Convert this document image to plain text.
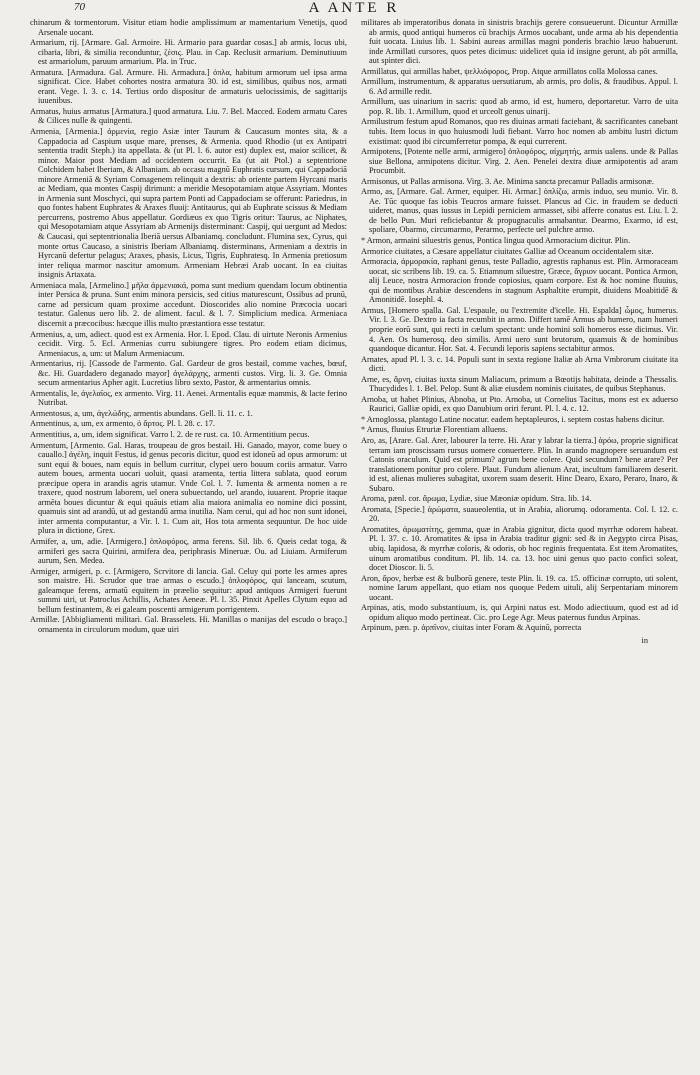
70	A ANTE R

chinarum & tormentorum. Visitur etiam hodie amplissimum ar mamentarium Venetijs, quod Arsenale uocant.

Armarium, rij. [Armare. Gal. Armoire. Hi. Armario para guardar cosas.] ab armis, locus ubi, cibaria, libri, & similia reconduntur, ζέσις. Plau. in Cap. Reclusit armarium. Deminutiuum est armariolum, paruum armarium. Pla. in Truc.

Armatura. [Armadura. Gal. Armure. Hi. Armadura.] ὁπλα, habitum armorum uel ipsa arma significat. Cice. Habet cohortes nostra armatura 30. id est, similibus, quibus nos, armati erant. Vege. l. 3. c. 14. Tertius ordo dispositur de armaturis uelocissimis, de sagittarijs iuuenibus.

Armatus, huius armatus [Armatura.] quod armatura. Liu. 7. Bel. Macced. Eodem armatu Cares & Cilices nulle & quingenti.

Armenia, [Armenia.] ἀρμενία, regio Asiæ inter Taurum & Caucasum montes sita, & a Cappadocia ad Caspium usque mare, prenses, & Armenia. quod Rhodio (ut ex Antipatri sententia tradit Steph.) ita appellata. & (ut Pl. l. 6. autor est) duplex est, maior scilicet, & minor. Maior post Mediam ad occidentem occurrit. Ea (ut ait Ptol.) a septentrione Colchidem habet Iberiam, & Albaniam. ab occasu magnū Euphratis cursum, qui Cappadociā minore Armeniā & Syriam Comagenem relinquit a dextris: ab oriente partem Hyrcani maris ac Mediam, qua montes Caspij dirimunt: a meridie Mesopotamiam atque Assyriam. Montes in Armenia sunt Moschyci, qui supra partem Ponti ad Cappadociam se offerunt: Pariedrus, in quo fontes habent Euphrates & Araxes fluuij: Antitaurus, qui ab Euphrate scissus & Mediam percurrens, postremo Abus appellatur. Gordiæus ex quo Tigris oritur: Taurus, ac Niphates, qui Mesopotamiam atque Assyriam ab Armenijs disterminant: Caspij, qui uergunt ad Medos: & Caucasi, qui septentrionalia Iberiā uersus Albaniamq. concludunt. Flumina sex, Cyrus, qui monte ortus Caucaso, a sinistris Iberiam Albaniamq. disterminans, Armeniam a dextris in Hyrcanū defertur pelagus; Araxes, phasis, Licus, Tigris, Euphratesq. In Armenia pretiosum inter reliqua marmor nascitur amomum. Armeniam Hebræi Arab uocant. In ea ciuitas insignis Artaxata.

Armeniaca mala, [Armelino.] μῆλα ἀρμενιακά, poma sunt medium quendam locum obtinentia inter Persica & pruna. Sunt enim minora persicis, sed citius maturescunt, Ossibus ad prunū, carne ad persicum quam proxime accedunt. Dioscorides alio nomine Præcocia uocari testatur. Galenus uero lib. 2. de aliment. facul. & l. 7. Simplicium medica. Armeniaca discernit a præcocibus: hæcque illis multo præstantiora esse testatur.

Armenius, a, um, adiect. quod est ex Armenia. Hor. l. Epod. Clau. di uirtute Neronis Armenius cecidit. Virg. 5. Ecl. Armenias curru subiungere tigres. Pro eodem etiam dicimus, Armeniacus, a, um: ut Malum Armeniacum.

Armentarius, rij. [Cassode de l'armento. Gal. Gardeur de gros bestail, comme vaches, bœuf, &c. Hi. Guardadero deganado mayor] ἀγελάρχης, armenti custos. Virg. li. 3. Ge. Omnia secum armentarius Apher agit. Lucretius libro sexto, Pastor, & armentarius omnis.

Armentalis, le, ἀγελαῖος, ex armento. Virg. 11. Aenei. Armentalis equæ mammis, & lacte ferino Nutribat.

Armentosus, a, um, ἀγελώδης, armentis abundans. Gell. li. 11. c. 1.

Armentinus, a, um, ex armento, ὁ ἄρτος. Pl. l. 28. c. 17.

Armentitius, a, um, idem significat. Varro l. 2. de re rust. ca. 10. Armentitium pecus.

Armentum, [Armento. Gal. Haras, troupeau de gros bestail. Hi. Ganado, mayor, come buey o cauallo.] ἀγέλη, inquit Festus, id genus pecoris dicitur, quod est idoneū ad opus armorum: ut sunt equi & boues, nam equis in bellum curritur, clypei uero bouum coriis armatur. Varro autem boues, armenta uocari uoluit, quasi aramenta, tertia littera sublata, quod eorum præcipue opera in arandis agris utamur. Vnde Col. l. 7. Iumenta & armenta nomen a re traxere, quod nostrum laborem, uel onera subuectando, uel arando, iuuarent. Proprie itaque armēta boues dicuntur & equi quāuis etiam alia maiora animalia eo nomine dici possint, quamuis sint ad arandū, ut ad gestandū arma inutilia. Nam cerui, qui ad hoc non sunt idonei, inter armenta computantur, a Vir. l. 1. Cum ait, Hos tota armenta sequuntur. De hoc uide plura in dictione, Grex.

Armifer, a, um, adie. [Armigero.] ὁπλοφόρος, arma ferens. Sil. lib. 6. Queis cedat toga, & armiferi ges sacra Quirini, armifera dea, periphrasis Mineruæ. Ou. ad Liuiam. Armiferum aurum, Sen. Medea.

Armiger, armigeri, p. c. [Armigero, Scrvitore di lancia. Gal. Celuy qui porte les armes apres son maistre. Hi. Scrudor que trae armas o escudo.] ὁπλοφόρος, qui lanceam, scutum, galeamque ferens, armatū equitem in præelio sequitur: apud antiquos Armigeri fuerunt summi uiri, ut Patroclus Achillis, Achates Aeneæ. Pl. l. 35. Pinxit Apelles Clytum equo ad bellum festinantem, & ei galeam poscenti armigerum porrigentem.

Armillæ. [Abbigliamenti militari. Gal. Brasselets. Hi. Manillas o manijas del escudo o braço.] ornamenta in circulorum modum, quæ uiri

militares ab imperatoribus donata in sinistris brachijs gerere consueuerunt. Dicuntur Armillæ ab armis, quod antiqui humeros cū brachijs Armos uocabant, unde arma ab his dependentia fuit uocata. Liuius lib. 1. Sabini aureas armillas magni ponderis brachio læuo habuerunt. inde Armillati cursores, quos petes dicimus: uidelicet quia id insigne gerunt, ab pōt armilla, aut spinter dici.

Armillatus, qui armillas habet, ψελλιόφορος, Prop. Atque armillatos colla Molossa canes.

Armillum, instrumentum, & apparatus uersutiarum, ab armis, pro dolis, & fraudibus. Appul. l. 6. Ad armille redit.

Armillum, uas uinarium in sacris: quod ab armo, id est, humero, deportaretur. Varro de uita pop. R. lib. 1. Armillum, quod et urceolī genus uinarij.

Armilustrum festum apud Romanos, quo res diuinas armati faciebant, & sacrificantes canebant tubis. Item locus in quo huiusmodi ludi fiebant. Varro hoc nomen ab ambitu lustri dictum existimat: quod ibi circumferretur pompa, & equi currerent.

Armipotens, [Potente nelle armi, armigero] ὁπλοφόρος, αἰχμητής, armis ualens. unde & Pallas siue Bellona, armipotens dicitur. Virg. 2. Aen. Penelei dextra diuæ armipotentis ad aram Procumbit.

Armisonus, ut Pallas armisona. Virg. 3. Ae. Minima sancta precamur Palladis armisonæ.

Armo, as, [Armare. Gal. Armer, equiper. Hi. Armar.] ὁπλίζω, armis induo, seu munio. Vir. 8. Ae. Tūc quoque fas iobis Teucros armare fuisset. Plancus ad Cic. in fraudem se deducti uideret, manus, quas iussus in Lepidi perniciem armasset, sibi afferre conatus est. Liu. l. 2. de bello Pun. Muri reficiebantur & propugnaculis armabantur. Dearmo, Exarmo, id est, spoliare, Obarmo, circumarmo, Perarmo, perfecte uel pulchre armo.

* Armon, armaini siluestris genus, Pontica lingua quod Armoracium dicitur. Plin.

Armorice ciuitates, a Cæsare appellatur ciuitates Galliæ ad Oceanum occidentalem sitæ.

Armoracia, ἀρμορακία, raphani genus, teste Palladio, agrestis raphanus est. Plin. Armoraceam uocat, sic scribens lib. 19. ca. 5. Etiamnum siluestre, Græce, ἄγριον uocant. Pontica Armon, alij Leuce, nostra Armoracion fronde copiosius, quam corpore. Est & hoc nomine fluuius, qui de montibus Arabiæ descendens in stagnum Asphaltite erumpit, diuidens Moabitidē & Amonitidē. Iosephl. 4.

Armus, [Homero spalla. Gal. L'espaule, ou l'extremite d'icelle. Hi. Espalda] ὦμος, humerus. Vir. l. 3. Ge. Dextro ia facta recumbit in armo. Differt tamē Armus ab humero, nam humeri proprie eorū sunt, qui recti in cælum spectant: unde homini soli homeros esse dicimus. Vir. 4. Aen. Os humerosq. deo similis. Armi uero sunt brutorum, quamuis & de hominibus quandoque dicantur. Hor. Sat. 4. Fecundi leporis sapiens sectabitur armos.

Arnates, apud Pl. l. 3. c. 14. Populi sunt in sexta regione Italiæ ab Arna Vmbrorum ciuitate ita dicti.

Arne, es, ἄρνη, ciuitas iuxta sinum Maliacum, primum a Bœotijs habitata, deinde a Thessalis. Thucydides l. 1. Bel. Pelop. Sunt & aliæ eiusdem nominis ciuitates, de quibus Stephanus.

Arnoba, ut habet Plinius, Abnoba, ut Pto. Arnoba, ut Cornelius Tacitus, mons est ex aduerso Raurici, Galliæ opidi, ex quo Danubium oriri ferunt. Pl. l. 4. c. 12.

* Arnoglossa, plantago Latine nocatur. eadem heptapleuros, i. septem costas habens dicitur.

* Arnus, fluuius Etruriæ Florentiam alluens.

Aro, as, [Arare. Gal. Arer, labourer la terre. Hi. Arar y labrar la tierra.] ἀρόω, proprie significat terram iam proscissam rursus uomere conuertere. Plin. In arando magnopere seruandum est Catonis oraculum. Quid est primum? agrum bene colere. Quid secundum? bene arare? Per translationem ponitur pro colere. Plaut. Fundum alienum Arat, incultum familiarem deserit. id est, alienas mulieres subagitat, uxorem suam deserit. Hinc Dearo, Exaro, Peraro, Inaro, & Subaro.

Aroma, pænl. cor. ἄρωμα, Lydiæ, siue Mæoniæ opidum. Stra. lib. 14.

Aromata, [Specie.] ἀρώματα, suaueolentia, ut in Arabia, aliorumq. odoramenta. Col. l. 12. c. 20.

Aromatites, ἀρωματίτης, gemma, quæ in Arabia gignitur, dicta quod myrrhæ odorem habeat. Pl. l. 37. c. 10. Aromatites & ipsa in Arabia traditur gigni: sed & in Aegypto circa Pisas, ubiq. lapidosa, & myrrhæ coloris, & odoris, ob hoc reginis frequentata. Est item Aromatites, uinum aromatibus conditum. Pl. lib. 14. ca. 13. hoc uini genus quo pacto confici soleat, docet Dioscor. li. 5.

Aron, ἄρον, herbæ est & bulborū genere, teste Plin. li. 19. ca. 15. officinæ corrupto, uti solent, nomine Iarum appellant, quo etiam nos quoque Pedem uituli, alij Serpentariam minorem uocant.

Arpinas, atis, modo substantiuum, is, qui Arpini natus est. Modo adiectiuum, quod est ad id opidum aliquo modo pertineat. Cic. pro Lege Agr. Meus paternus fundus Arpinas.

Arpinum, pæn. p. ἀρπῖνον, ciuitas inter Foram & Aquinū, porrecta

in
